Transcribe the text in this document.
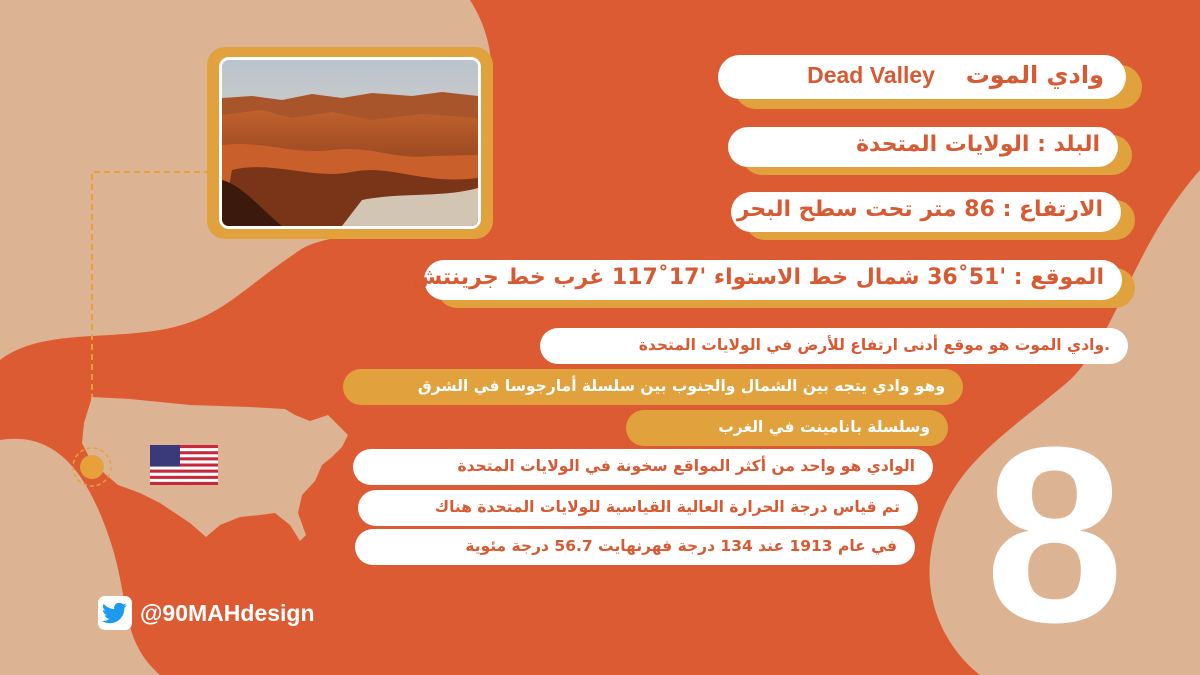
وادي الموت  Dead Valley
البلد : الولايات المتحدة
الارتفاع : 86 متر تحت سطح البحر
الموقع : '51˚36 شمال خط الاستواء '17˚117 غرب خط جرينتش
.وادي الموت هو موقع أدنى ارتفاع للأرض في الولايات المتحدة
وهو وادي يتجه بين الشمال والجنوب بين سلسلة أمارجوسا في الشرق
وسلسلة بانامينت في الغرب
الوادي هو واحد من أكثر المواقع سخونة في الولايات المتحدة
تم قياس درجة الحرارة العالية القياسية للولايات المتحدة هناك
في عام 1913 عند 134 درجة فهرنهايت 56.7 درجة مئوية 8
@90MAHdesign
